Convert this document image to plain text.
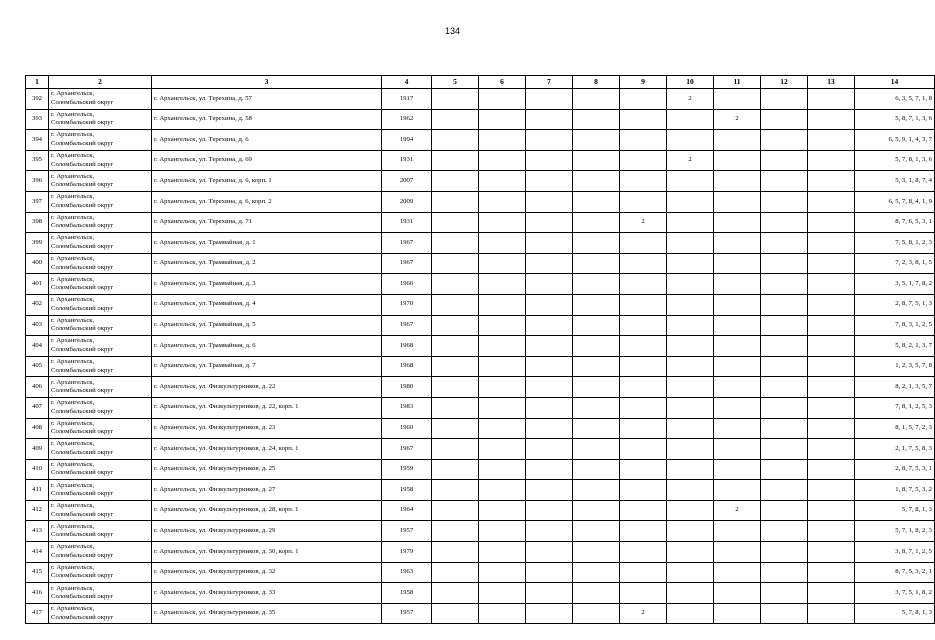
134
1	2	3	4	5	6	7	8	9	10	11	12	13	14
392	г. Архангельск,
Соломбальский округ	г. Архангельск, ул. Терехина, д. 57	1917						2				6, 3, 5, 7, 1, 8
393	г. Архангельск,
Соломбальский округ	г. Архангельск, ул. Терехина, д. 58	1962							2			5, 8, 7, 1, 3, 6
394	г. Архангельск,
Соломбальский округ	г. Архангельск, ул. Терехина, д. 6	1994										6, 5, 9, 1, 4, 3, 7
395	г. Архангельск,
Соломбальский округ	г. Архангельск, ул. Терехина, д. 69	1931						2				5, 7, 8, 1, 3, 6
396	г. Архангельск,
Соломбальский округ	г. Архангельск, ул. Терехина, д. 6, корп. 1	2007										5, 3, 1, 8, 7, 4
397	г. Архангельск,
Соломбальский округ	г. Архангельск, ул. Терехина, д. 6, корп. 2	2009										6, 5, 7, 8, 4, 1, 9
398	г. Архангельск,
Соломбальский округ	г. Архангельск, ул. Терехина, д. 71	1931					2					8, 7, 6, 5, 3, 1
399	г. Архангельск,
Соломбальский округ	г. Архангельск, ул. Трамвайная, д. 1	1967										7, 5, 8, 1, 2, 3
400	г. Архангельск,
Соломбальский округ	г. Архангельск, ул. Трамвайная, д. 2	1967										7, 2, 3, 8, 1, 5
401	г. Архангельск,
Соломбальский округ	г. Архангельск, ул. Трамвайная, д. 3	1966										3, 5, 1, 7, 8, 2
402	г. Архангельск,
Соломбальский округ	г. Архангельск, ул. Трамвайная, д. 4	1970										2, 8, 7, 5, 1, 3
403	г. Архангельск,
Соломбальский округ	г. Архангельск, ул. Трамвайная, д. 5	1967										7, 8, 3, 1, 2, 5
404	г. Архангельск,
Соломбальский округ	г. Архангельск, ул. Трамвайная, д. 6	1968										5, 8, 2, 1, 3, 7
405	г. Архангельск,
Соломбальский округ	г. Архангельск, ул. Трамвайная, д. 7	1968										1, 2, 3, 5, 7, 8
406	г. Архангельск,
Соломбальский округ	г. Архангельск, ул. Физкультурников, д. 22	1980										8, 2, 1, 3, 5, 7
407	г. Архангельск,
Соломбальский округ	г. Архангельск, ул. Физкультурников, д. 22, корп. 1	1983										7, 8, 1, 2, 5, 3
408	г. Архангельск,
Соломбальский округ	г. Архангельск, ул. Физкультурников, д. 23	1960										8, 1, 5, 7, 2, 3
409	г. Архангельск,
Соломбальский округ	г. Архангельск, ул. Физкультурников, д. 24, корп. 1	1967										2, 1, 7, 5, 8, 3
410	г. Архангельск,
Соломбальский округ	г. Архангельск, ул. Физкультурников, д. 25	1959										2, 8, 7, 5, 3, 1
411	г. Архангельск,
Соломбальский округ	г. Архангельск, ул. Физкультурников, д. 27	1958										1, 8, 7, 5, 3, 2
412	г. Архангельск,
Соломбальский округ	г. Архангельск, ул. Физкультурников, д. 28, корп. 1	1964							2			5, 7, 8, 1, 3
413	г. Архангельск,
Соломбальский округ	г. Архангельск, ул. Физкультурников, д. 29	1957										5, 7, 1, 8, 2, 3
414	г. Архангельск,
Соломбальский округ	г. Архангельск, ул. Физкультурников, д. 30, корп. 1	1979										3, 8, 7, 1, 2, 5
415	г. Архангельск,
Соломбальский округ	г. Архангельск, ул. Физкультурников, д. 32	1963										8, 7, 5, 3, 2, 1
416	г. Архангельск,
Соломбальский округ	г. Архангельск, ул. Физкультурников, д. 33	1958										3, 7, 5, 1, 8, 2
417	г. Архангельск,
Соломбальский округ	г. Архангельск, ул. Физкультурников, д. 35	1957					2					5, 7, 8, 1, 3
